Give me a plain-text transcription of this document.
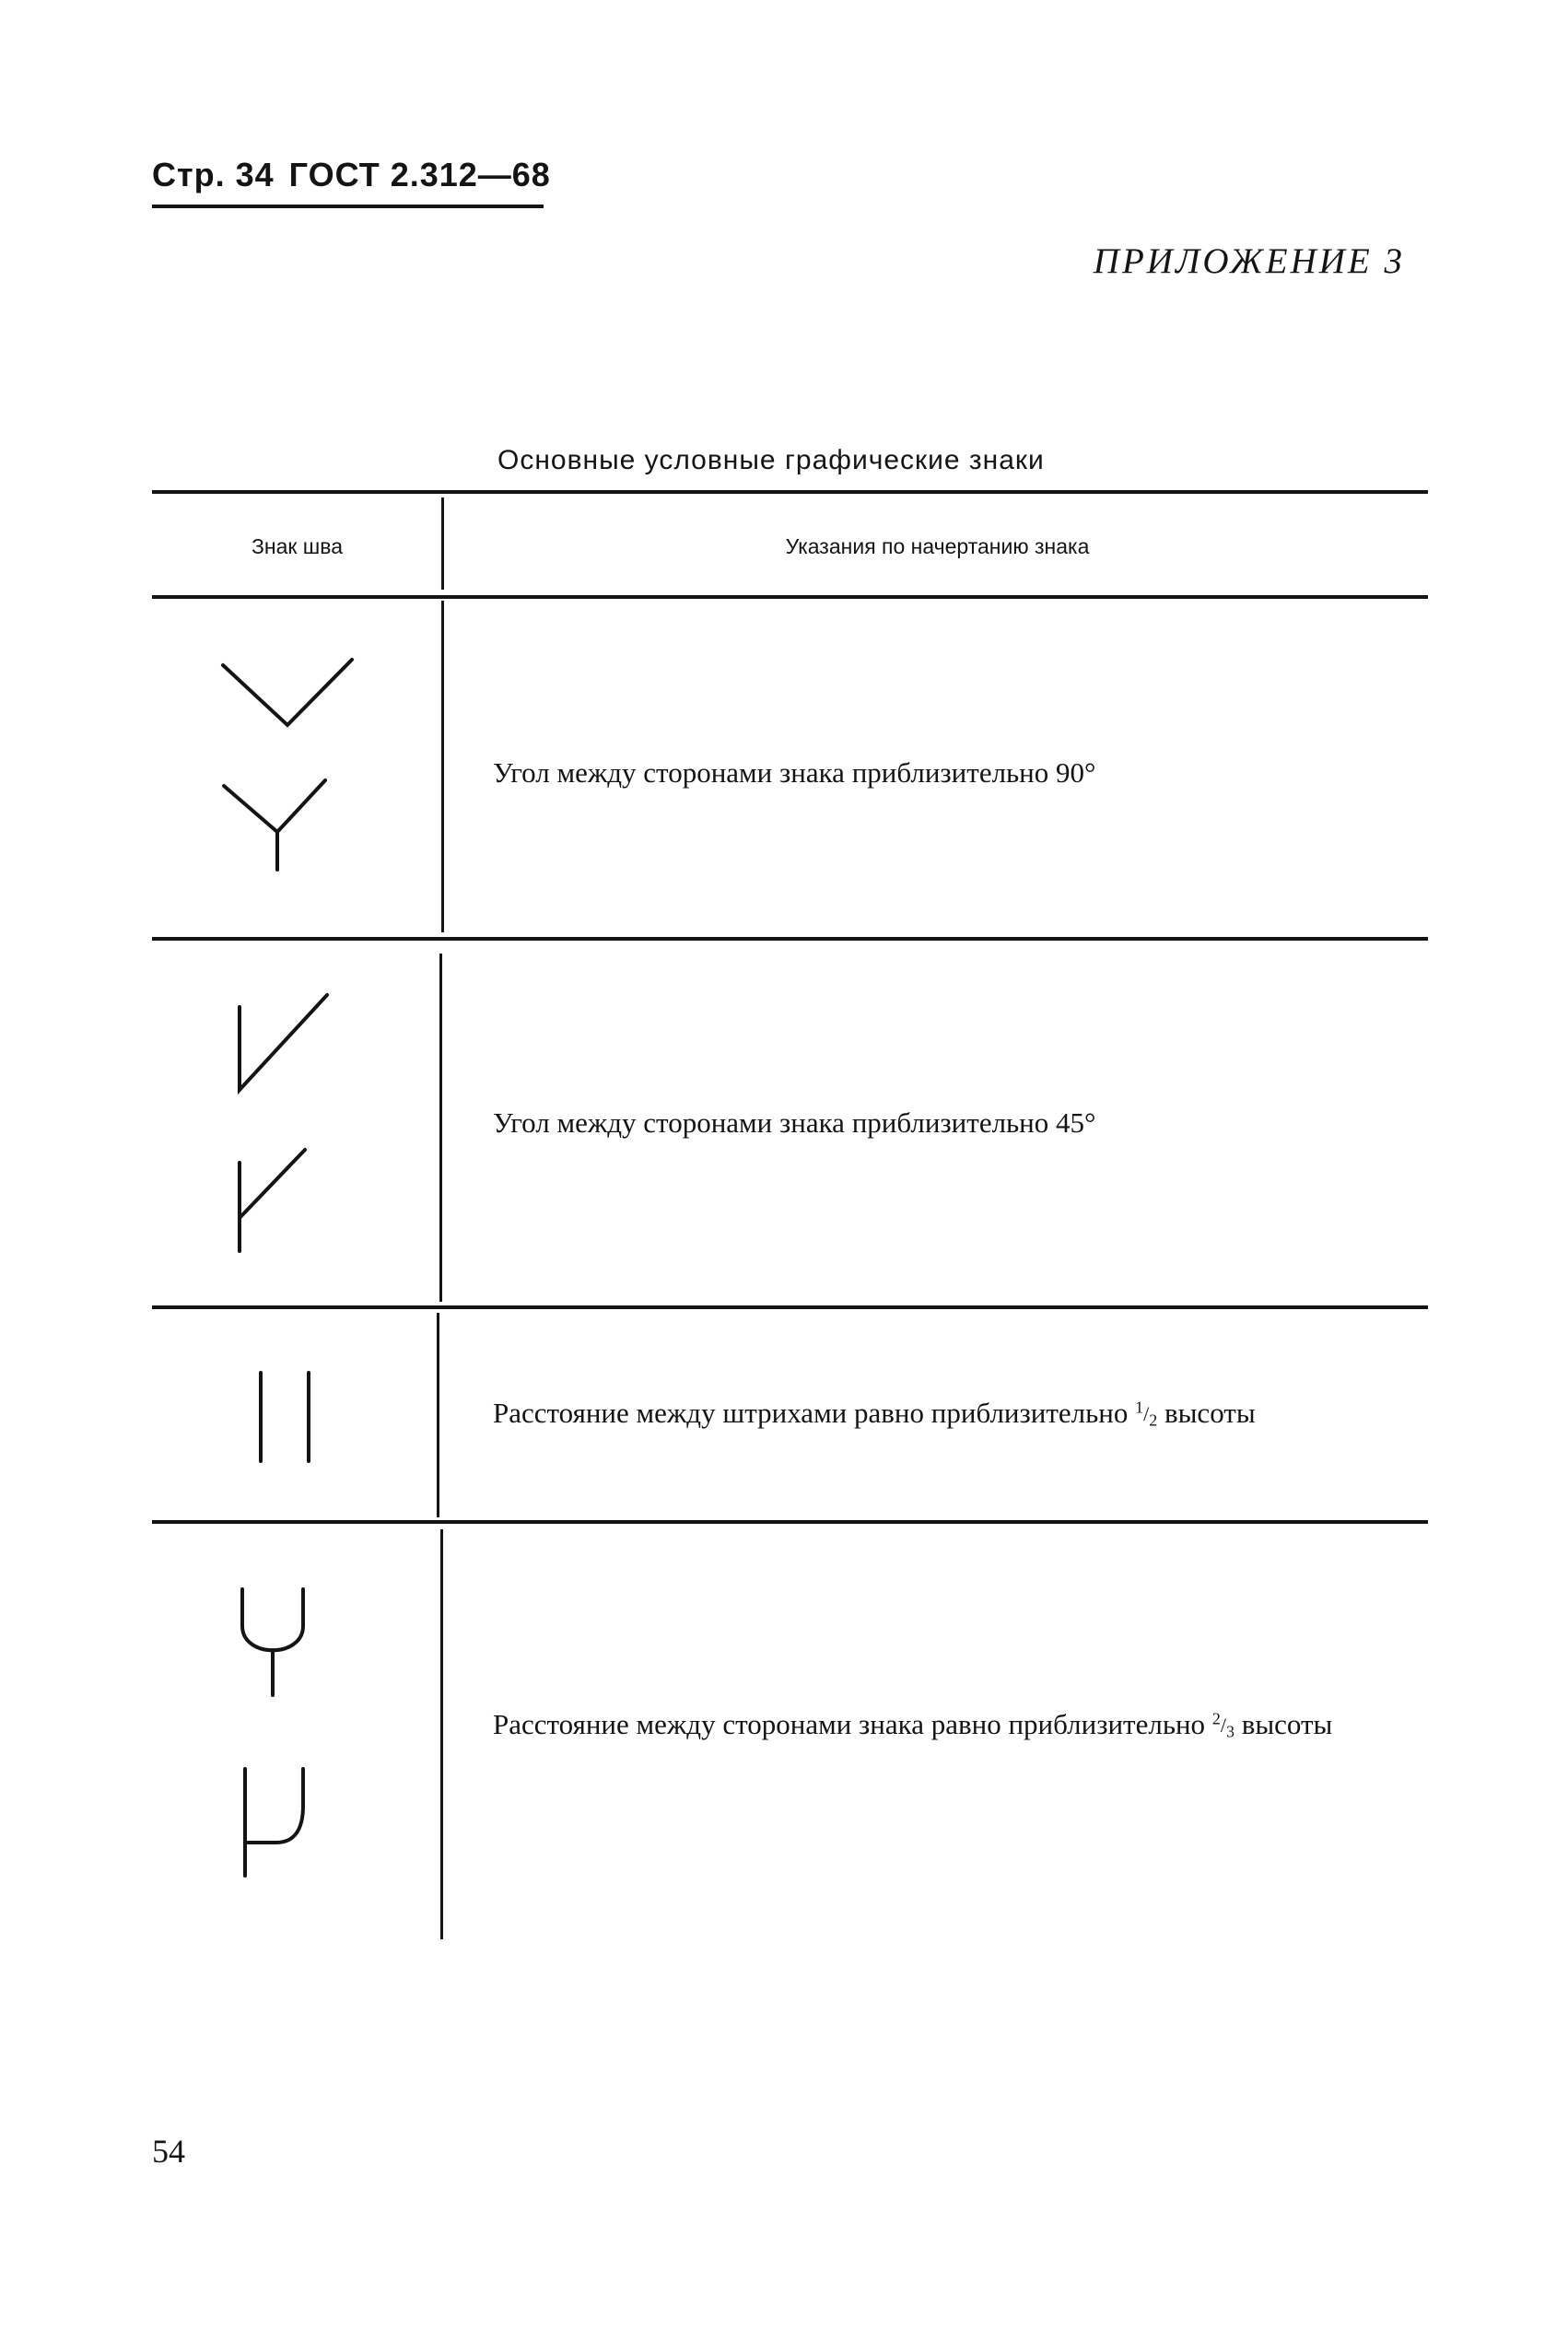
Стр. 34 ГОСТ 2.312—68
ПРИЛОЖЕНИЕ 3
Основные условные графические знаки
Знак шва	Указания по начертанию знака
Угол между сторонами знака приблизительно 90°
Угол между сторонами знака приблизительно 45°
Расстояние между штрихами равно приблизительно $^1/_2$ высоты
Расстояние между сторонами знака равно приблизительно $^2/_3$ высоты
54
